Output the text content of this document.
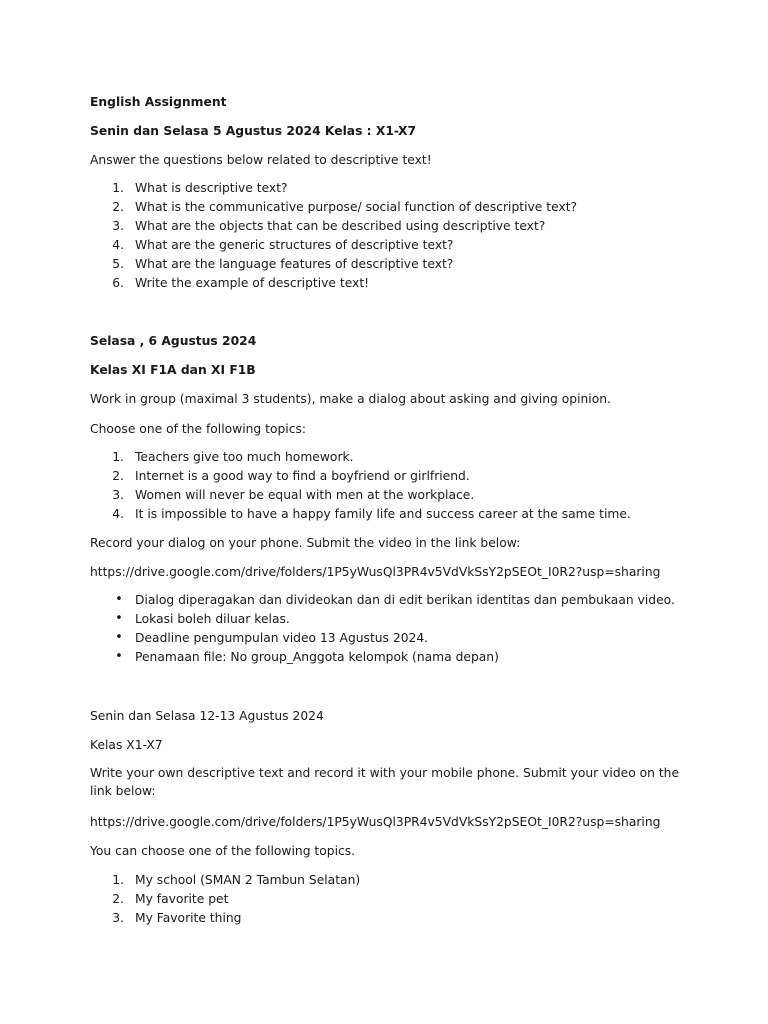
English Assignment

Senin dan Selasa 5 Agustus 2024 Kelas : X1-X7

Answer the questions below related to descriptive text!

1. What is descriptive text?
2. What is the communicative purpose/ social function of descriptive text?
3. What are the objects that can be described using descriptive text?
4. What are the generic structures of descriptive text?
5. What are the language features of descriptive text?
6. Write the example of descriptive text!

Selasa , 6 Agustus 2024

Kelas XI F1A dan XI F1B

Work in group (maximal 3 students), make a dialog about asking and giving opinion.

Choose one of the following topics:

1. Teachers give too much homework.
2. Internet is a good way to find a boyfriend or girlfriend.
3. Women will never be equal with men at the workplace.
4. It is impossible to have a happy family life and success career at the same time.

Record your dialog on your phone. Submit the video in the link below:

https://drive.google.com/drive/folders/1P5yWusQl3PR4v5VdVkSsY2pSEOt_I0R2?usp=sharing

• Dialog diperagakan dan divideokan dan di edit berikan identitas dan pembukaan video.
• Lokasi boleh diluar kelas.
• Deadline pengumpulan video 13 Agustus 2024.
• Penamaan file: No group_Anggota kelompok (nama depan)

Senin dan Selasa 12-13 Agustus 2024

Kelas X1-X7

Write your own descriptive text and record it with your mobile phone. Submit your video on the link below:

https://drive.google.com/drive/folders/1P5yWusQl3PR4v5VdVkSsY2pSEOt_I0R2?usp=sharing

You can choose one of the following topics.

1. My school (SMAN 2 Tambun Selatan)
2. My favorite pet
3. My Favorite thing
